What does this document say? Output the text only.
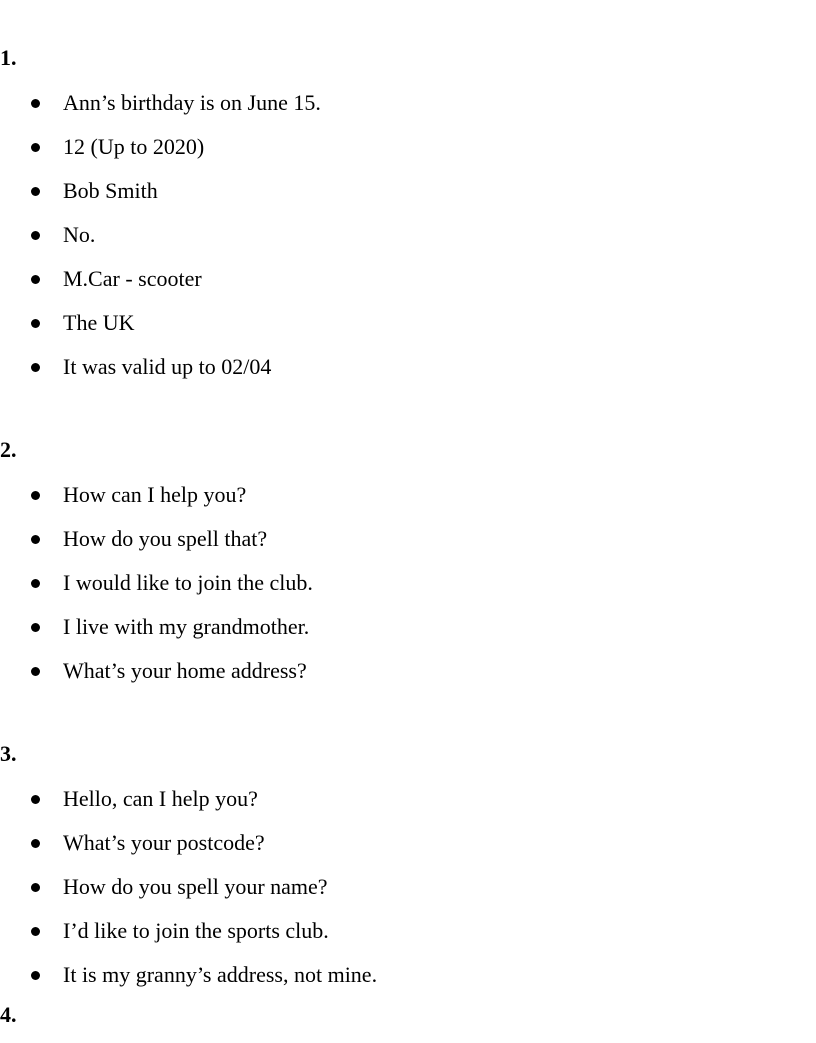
1.
Ann’s birthday is on June 15.
12 (Up to 2020)
Bob Smith
No.
M.Car - scooter
The UK
It was valid up to 02/04
2.
How can I help you?
How do you spell that?
I would like to join the club.
I live with my grandmother.
What’s your home address?
3.
Hello, can I help you?
What’s your postcode?
How do you spell your name?
I’d like to join the sports club.
It is my granny’s address, not mine.
4.
